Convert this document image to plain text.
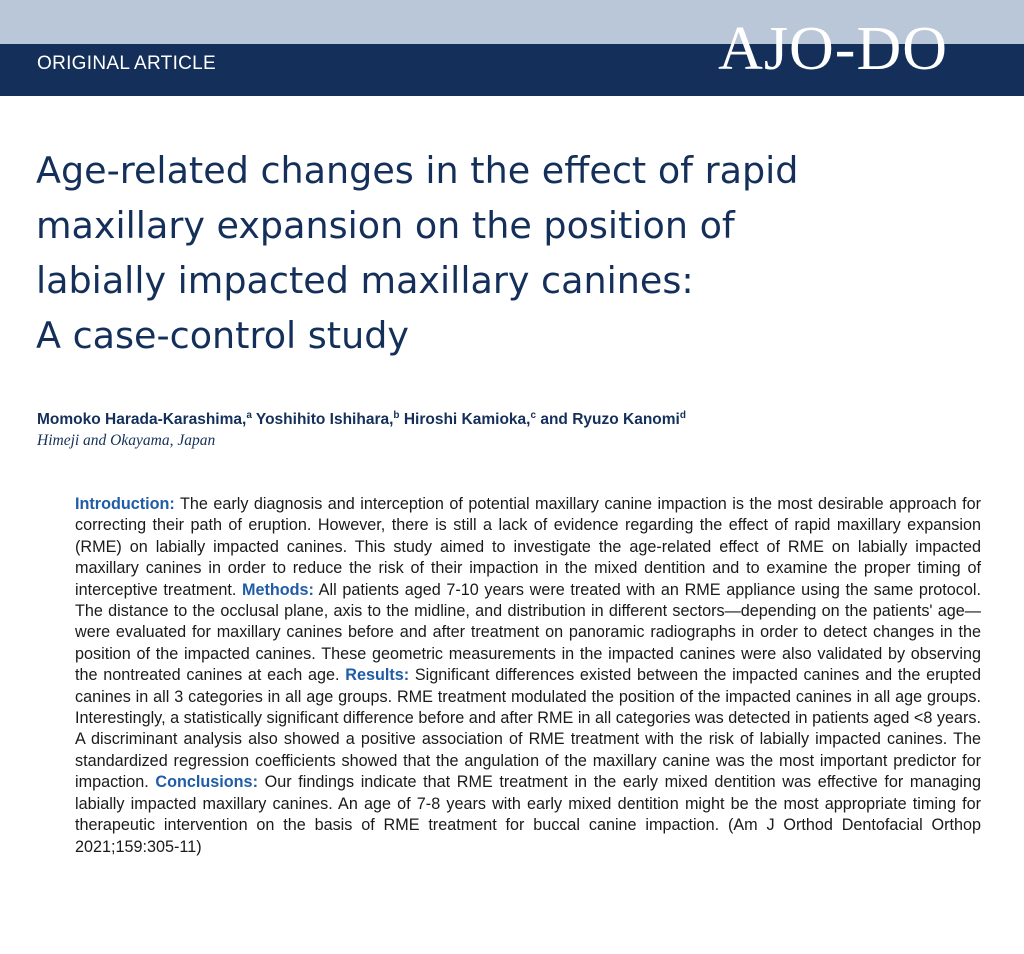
ORIGINAL ARTICLE	AJO-DO
Age-related changes in the effect of rapid
maxillary expansion on the position of
labially impacted maxillary canines:
A case-control study
Momoko Harada-Karashima,$^a$ Yoshihito Ishihara,$^b$ Hiroshi Kamioka,$^c$ and Ryuzo Kanomi$^d$
Himeji and Okayama, Japan

Introduction: The early diagnosis and interception of potential maxillary canine impaction is the most desirable approach for correcting their path of eruption. However, there is still a lack of evidence regarding the effect of rapid maxillary expansion (RME) on labially impacted canines. This study aimed to investigate the age-related effect of RME on labially impacted maxillary canines in order to reduce the risk of their impaction in the mixed dentition and to examine the proper timing of interceptive treatment. Methods: All patients aged 7-10 years were treated with an RME appliance using the same protocol. The distance to the occlusal plane, axis to the midline, and distribution in different sectors—depending on the patients' age—were evaluated for maxillary canines before and after treatment on panoramic radiographs in order to detect changes in the position of the impacted canines. These geometric measurements in the impacted canines were also validated by observing the nontreated canines at each age. Results: Significant differences existed between the impacted canines and the erupted canines in all 3 categories in all age groups. RME treatment modulated the position of the impacted canines in all age groups. Interestingly, a statistically significant difference before and after RME in all categories was detected in patients aged <8 years. A discriminant analysis also showed a positive association of RME treatment with the risk of labially impacted canines. The standardized regression coefficients showed that the angulation of the maxillary canine was the most important predictor for impaction. Conclusions: Our findings indicate that RME treatment in the early mixed dentition was effective for managing labially impacted maxillary canines. An age of 7-8 years with early mixed dentition might be the most appropriate timing for therapeutic intervention on the basis of RME treatment for buccal canine impaction. (Am J Orthod Dentofacial Orthop 2021;159:305-11)
